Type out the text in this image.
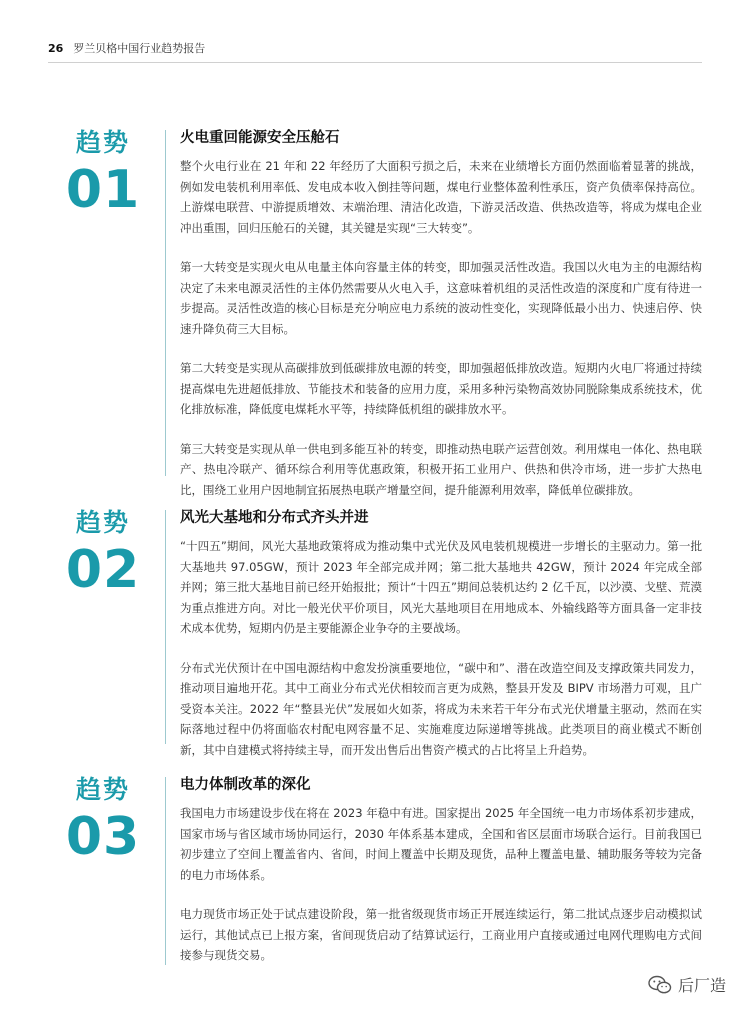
26 罗兰贝格中国行业趋势报告
趋势
01
火电重回能源安全压舱石

整个火电行业在 21 年和 22 年经历了大面积亏损之后，未来在业绩增长方面仍然面临着显著的挑战，例如发电装机利用率低、发电成本收入倒挂等问题，煤电行业整体盈利性承压，资产负债率保持高位。上游煤电联营、中游提质增效、末端治理、清洁化改造，下游灵活改造、供热改造等，将成为煤电企业冲出重围，回归压舱石的关键，其关键是实现“三大转变”。

第一大转变是实现火电从电量主体向容量主体的转变，即加强灵活性改造。我国以火电为主的电源结构决定了未来电源灵活性的主体仍然需要从火电入手，这意味着机组的灵活性改造的深度和广度有待进一步提高。灵活性改造的核心目标是充分响应电力系统的波动性变化，实现降低最小出力、快速启停、快速升降负荷三大目标。

第二大转变是实现从高碳排放到低碳排放电源的转变，即加强超低排放改造。短期内火电厂将通过持续提高煤电先进超低排放、节能技术和装备的应用力度，采用多种污染物高效协同脱除集成系统技术，优化排放标准，降低度电煤耗水平等，持续降低机组的碳排放水平。

第三大转变是实现从单一供电到多能互补的转变，即推动热电联产运营创效。利用煤电一体化、热电联产、热电冷联产、循环综合利用等优惠政策，积极开拓工业用户、供热和供冷市场，进一步扩大热电比，围绕工业用户因地制宜拓展热电联产增量空间，提升能源利用效率，降低单位碳排放。

趋势
02
风光大基地和分布式齐头并进

“十四五”期间，风光大基地政策将成为推动集中式光伏及风电装机规模进一步增长的主驱动力。第一批大基地共 97.05GW，预计 2023 年全部完成并网；第二批大基地共 42GW，预计 2024 年完成全部并网；第三批大基地目前已经开始报批；预计“十四五”期间总装机达约 2 亿千瓦，以沙漠、戈壁、荒漠为重点推进方向。对比一般光伏平价项目，风光大基地项目在用地成本、外输线路等方面具备一定非技术成本优势，短期内仍是主要能源企业争夺的主要战场。

分布式光伏预计在中国电源结构中愈发扮演重要地位，“碳中和”、潜在改造空间及支撑政策共同发力，推动项目遍地开花。其中工商业分布式光伏相较而言更为成熟，整县开发及 BIPV 市场潜力可观，且广受资本关注。2022 年“整县光伏”发展如火如荼，将成为未来若干年分布式光伏增量主驱动，然而在实际落地过程中仍将面临农村配电网容量不足、实施难度边际递增等挑战。此类项目的商业模式不断创新，其中自建模式将持续主导，而开发出售后出售资产模式的占比将呈上升趋势。

趋势
03
电力体制改革的深化

我国电力市场建设步伐在将在 2023 年稳中有进。国家提出 2025 年全国统一电力市场体系初步建成，国家市场与省区域市场协同运行，2030 年体系基本建成，全国和省区层面市场联合运行。目前我国已初步建立了空间上覆盖省内、省间，时间上覆盖中长期及现货，品种上覆盖电量、辅助服务等较为完备的电力市场体系。

电力现货市场正处于试点建设阶段，第一批省级现货市场正开展连续运行，第二批试点逐步启动模拟试运行，其他试点已上报方案，省间现货启动了结算试运行，工商业用户直接或通过电网代理购电方式间接参与现货交易。

后厂造
